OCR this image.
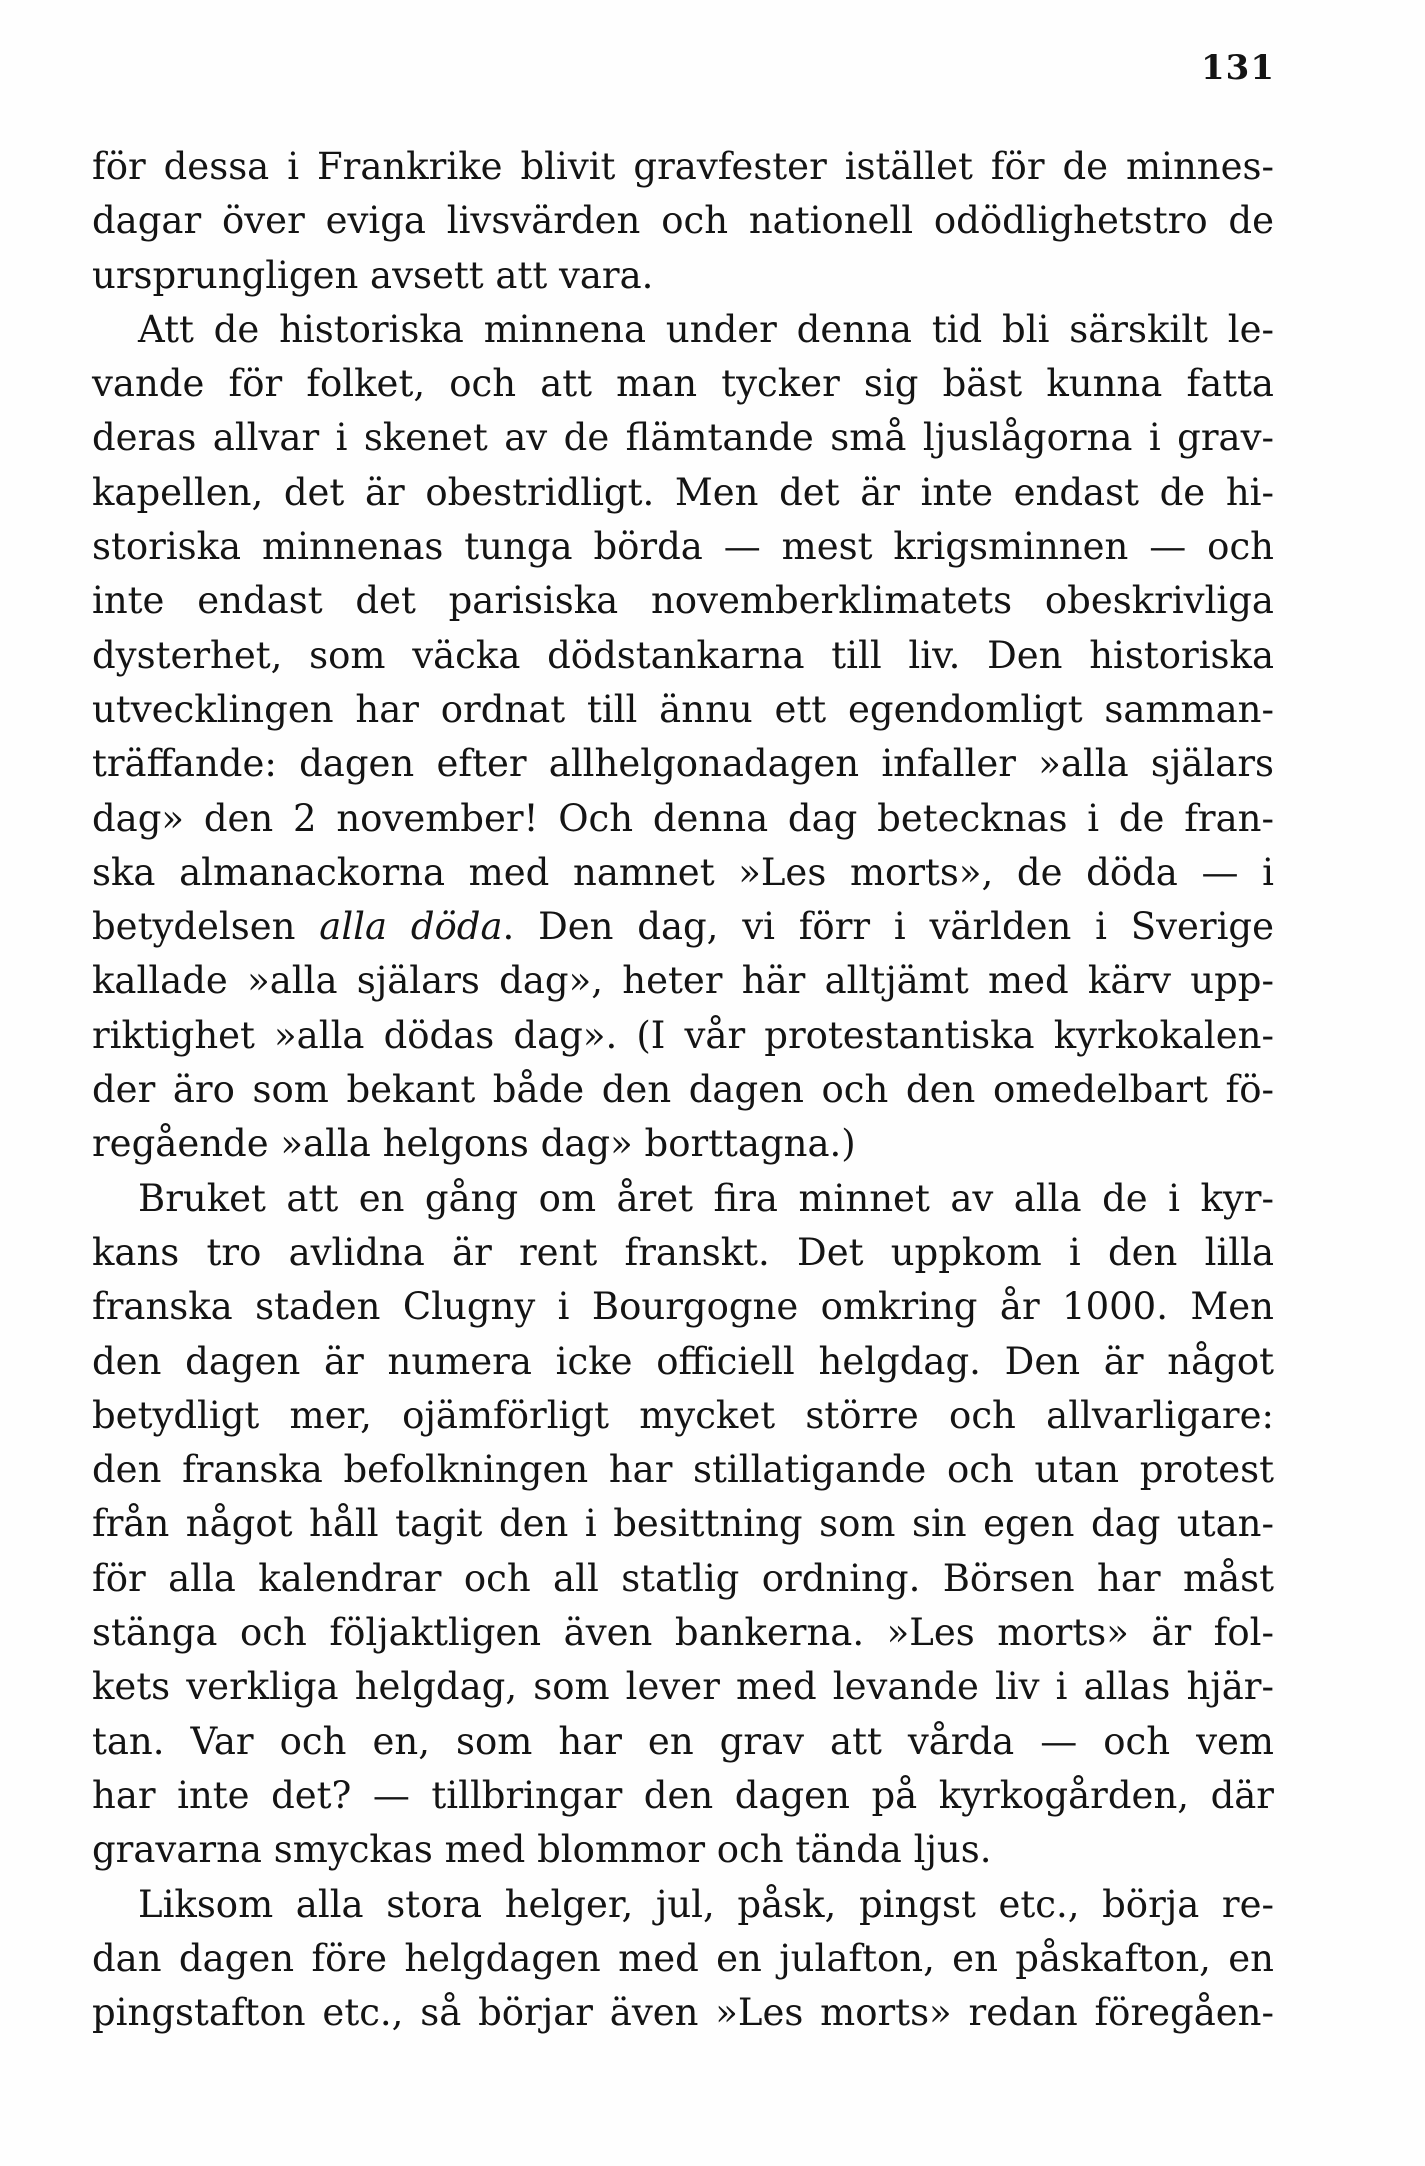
131

för dessa i Frankrike blivit gravfester istället för de minnes-

dagar över eviga livsvärden och nationell odödlighetstro de

ursprungligen avsett att vara.

Att de historiska minnena under denna tid bli särskilt le-

vande för folket, och att man tycker sig bäst kunna fatta

deras allvar i skenet av de flämtande små ljuslågorna i grav-

kapellen, det är obestridligt. Men det är inte endast de hi-

storiska minnenas tunga börda — mest krigsminnen — och

inte endast det parisiska novemberklimatets obeskrivliga

dysterhet, som väcka dödstankarna till liv. Den historiska

utvecklingen har ordnat till ännu ett egendomligt samman-

träffande: dagen efter allhelgonadagen infaller »alla själars

dag» den 2 november! Och denna dag betecknas i de fran-

ska almanackorna med namnet »Les morts», de döda — i

betydelsen alla döda. Den dag, vi förr i världen i Sverige

kallade »alla själars dag», heter här alltjämt med kärv upp-

riktighet »alla dödas dag». (I vår protestantiska kyrkokalen-

der äro som bekant både den dagen och den omedelbart fö-

regående »alla helgons dag» borttagna.)

Bruket att en gång om året fira minnet av alla de i kyr-

kans tro avlidna är rent franskt. Det uppkom i den lilla

franska staden Clugny i Bourgogne omkring år 1000. Men

den dagen är numera icke officiell helgdag. Den är något

betydligt mer, ojämförligt mycket större och allvarligare:

den franska befolkningen har stillatigande och utan protest

från något håll tagit den i besittning som sin egen dag utan-

för alla kalendrar och all statlig ordning. Börsen har måst

stänga och följaktligen även bankerna. »Les morts» är fol-

kets verkliga helgdag, som lever med levande liv i allas hjär-

tan. Var och en, som har en grav att vårda — och vem

har inte det? — tillbringar den dagen på kyrkogården, där

gravarna smyckas med blommor och tända ljus.

Liksom alla stora helger, jul, påsk, pingst etc., börja re-

dan dagen före helgdagen med en julafton, en påskafton, en

pingstafton etc., så börjar även »Les morts» redan föregåen-
